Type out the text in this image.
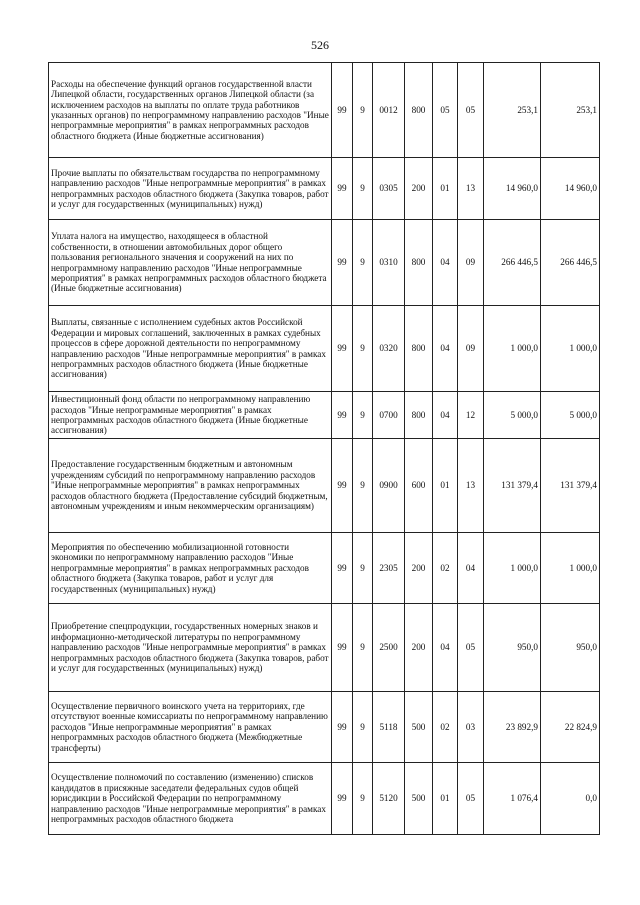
526
Расходы на обеспечение функций органов государственной власти Липецкой области, государственных органов Липецкой области (за исключением расходов на выплаты по оплате труда работников указанных органов) по непрограммному направлению расходов "Иные непрограммные мероприятия" в рамках непрограммных расходов областного бюджета (Иные бюджетные ассигнования)	99	9	0012	800	05	05	253,1	253,1
Прочие выплаты по обязательствам государства по непрограммному направлению расходов "Иные непрограммные мероприятия" в рамках непрограммных расходов областного бюджета (Закупка товаров, работ и услуг для государственных (муниципальных) нужд)	99	9	0305	200	01	13	14 960,0	14 960,0
Уплата налога на имущество, находящееся в областной собственности, в отношении автомобильных дорог общего пользования регионального значения и сооружений на них по непрограммному направлению расходов "Иные непрограммные мероприятия" в рамках непрограммных расходов областного бюджета (Иные бюджетные ассигнования)	99	9	0310	800	04	09	266 446,5	266 446,5
Выплаты, связанные с исполнением судебных актов Российской Федерации и мировых соглашений, заключенных в рамках судебных процессов в сфере дорожной деятельности по непрограммному направлению расходов "Иные непрограммные мероприятия" в рамках непрограммных расходов областного бюджета (Иные бюджетные ассигнования)	99	9	0320	800	04	09	1 000,0	1 000,0
Инвестиционный фонд области по непрограммному направлению расходов "Иные непрограммные мероприятия" в рамках непрограммных расходов областного бюджета (Иные бюджетные ассигнования)	99	9	0700	800	04	12	5 000,0	5 000,0
Предоставление государственным бюджетным и автономным учреждениям субсидий по непрограммному направлению расходов "Иные непрограммные мероприятия" в рамках непрограммных расходов областного бюджета (Предоставление субсидий бюджетным, автономным учреждениям и иным некоммерческим организациям)	99	9	0900	600	01	13	131 379,4	131 379,4
Мероприятия по обеспечению мобилизационной готовности экономики по непрограммному направлению расходов "Иные непрограммные мероприятия" в рамках непрограммных расходов областного бюджета (Закупка товаров, работ и услуг для государственных (муниципальных) нужд)	99	9	2305	200	02	04	1 000,0	1 000,0
Приобретение спецпродукции, государственных номерных знаков и информационно-методической литературы по непрограммному направлению расходов "Иные непрограммные мероприятия" в рамках непрограммных расходов областного бюджета (Закупка товаров, работ и услуг для государственных (муниципальных) нужд)	99	9	2500	200	04	05	950,0	950,0
Осуществление первичного воинского учета на территориях, где отсутствуют военные комиссариаты по непрограммному направлению расходов "Иные непрограммные мероприятия" в рамках непрограммных расходов областного бюджета (Межбюджетные трансферты)	99	9	5118	500	02	03	23 892,9	22 824,9
Осуществление полномочий по составлению (изменению) списков кандидатов в присяжные заседатели федеральных судов общей юрисдикции в Российской Федерации по непрограммному направлению расходов "Иные непрограммные мероприятия" в рамках непрограммных расходов областного бюджета	99	9	5120	500	01	05	1 076,4	0,0
